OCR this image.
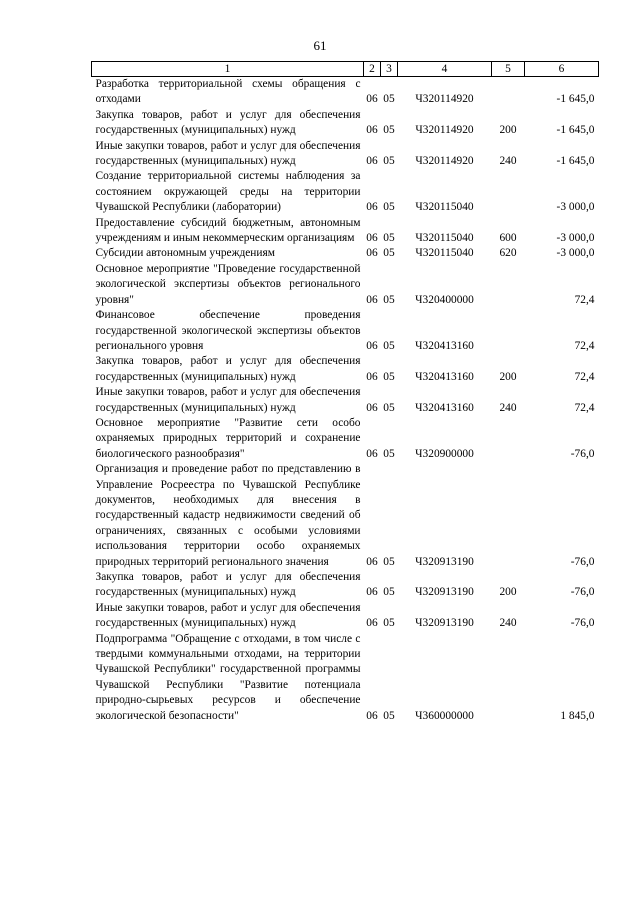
61
1	2	3	4	5	6
Разработка территориальной схемы обращения с отходами	06	05	Ч320114920		-1 645,0
Закупка товаров, работ и услуг для обеспечения государственных (муниципальных) нужд	06	05	Ч320114920	200	-1 645,0
Иные закупки товаров, работ и услуг для обеспечения государственных (муниципальных) нужд	06	05	Ч320114920	240	-1 645,0
Создание территориальной системы наблюдения за состоянием окружающей среды на территории Чувашской Республики (лаборатории)	06	05	Ч320115040		-3 000,0
Предоставление субсидий бюджетным, автономным учреждениям и иным некоммерческим организациям	06	05	Ч320115040	600	-3 000,0
Субсидии автономным учреждениям	06	05	Ч320115040	620	-3 000,0
Основное мероприятие "Проведение государственной экологической экспертизы объектов регионального уровня"	06	05	Ч320400000		72,4
Финансовое обеспечение проведения государственной экологической экспертизы объектов регионального уровня	06	05	Ч320413160		72,4
Закупка товаров, работ и услуг для обеспечения государственных (муниципальных) нужд	06	05	Ч320413160	200	72,4
Иные закупки товаров, работ и услуг для обеспечения государственных (муниципальных) нужд	06	05	Ч320413160	240	72,4
Основное мероприятие "Развитие сети особо охраняемых природных территорий и сохранение биологического разнообразия"	06	05	Ч320900000		-76,0
Организация и проведение работ по представлению в Управление Росреестра по Чувашской Республике документов, необходимых для внесения в государственный кадастр недвижимости сведений об ограничениях, связанных с особыми условиями использования территории особо охраняемых природных территорий регионального значения	06	05	Ч320913190		-76,0
Закупка товаров, работ и услуг для обеспечения государственных (муниципальных) нужд	06	05	Ч320913190	200	-76,0
Иные закупки товаров, работ и услуг для обеспечения государственных (муниципальных) нужд	06	05	Ч320913190	240	-76,0
Подпрограмма "Обращение с отходами, в том числе с твердыми коммунальными отходами, на территории Чувашской Республики" государственной программы Чувашской Республики "Развитие потенциала природно-сырьевых ресурсов и обеспечение экологической безопасности"	06	05	Ч360000000		1 845,0
